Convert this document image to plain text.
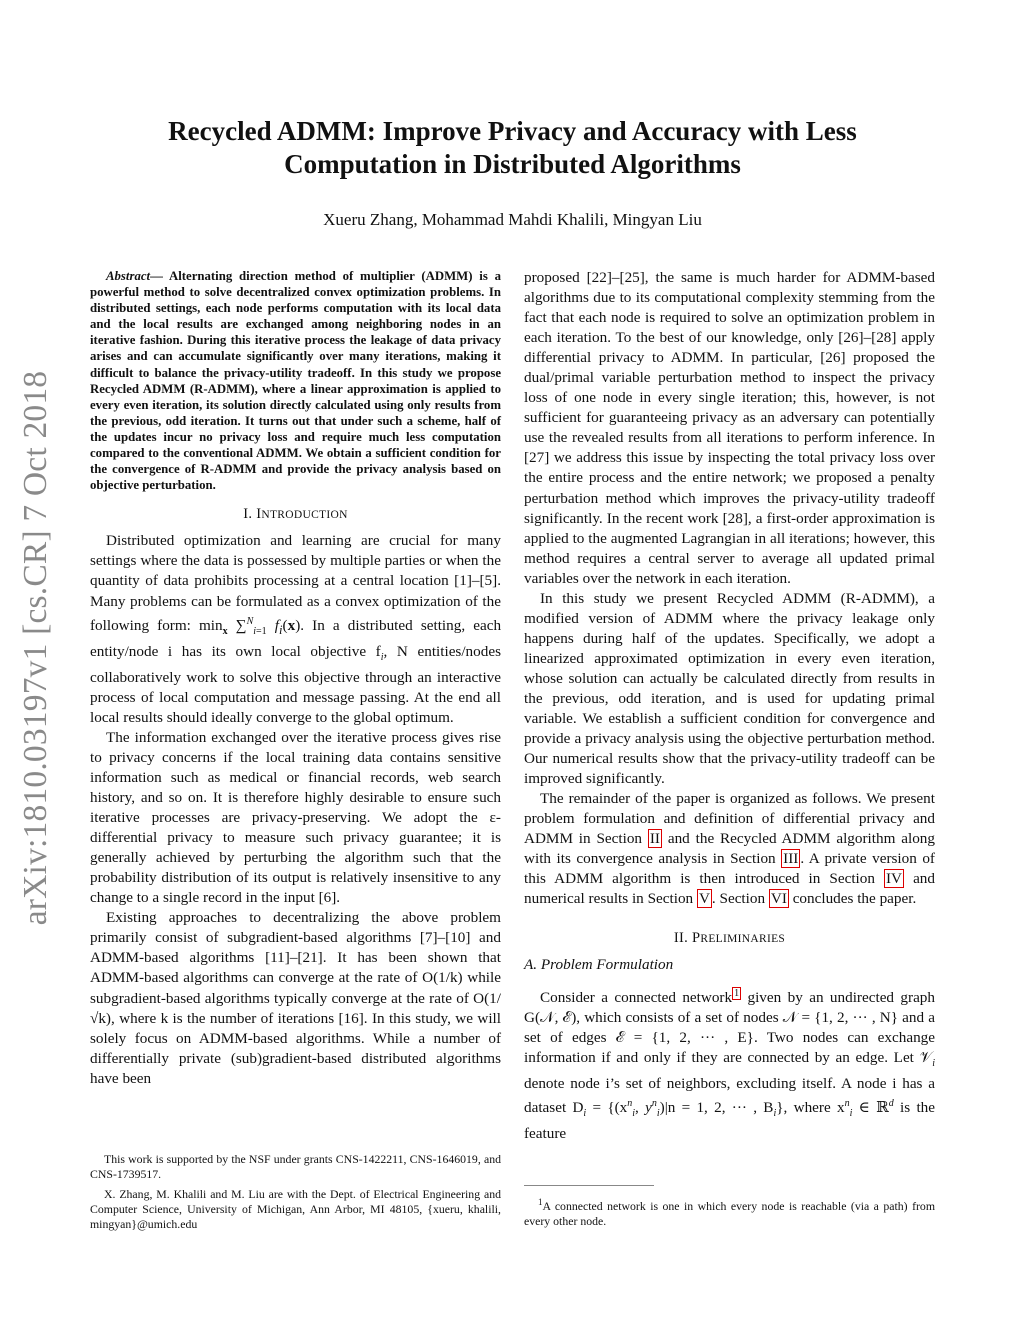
arXiv:1810.03197v1 [cs.CR] 7 Oct 2018
Recycled ADMM: Improve Privacy and Accuracy with Less Computation in Distributed Algorithms
Xueru Zhang, Mohammad Mahdi Khalili, Mingyan Liu

Abstract— Alternating direction method of multiplier (ADMM) is a powerful method to solve decentralized convex optimization problems. In distributed settings, each node performs computation with its local data and the local results are exchanged among neighboring nodes in an iterative fashion. During this iterative process the leakage of data privacy arises and can accumulate significantly over many iterations, making it difficult to balance the privacy-utility tradeoff. In this study we propose Recycled ADMM (R-ADMM), where a linear approximation is applied to every even iteration, its solution directly calculated using only results from the previous, odd iteration. It turns out that under such a scheme, half of the updates incur no privacy loss and require much less computation compared to the conventional ADMM. We obtain a sufficient condition for the convergence of R-ADMM and provide the privacy analysis based on objective perturbation.

I. INTRODUCTION

Distributed optimization and learning are crucial for many settings where the data is possessed by multiple parties or when the quantity of data prohibits processing at a central location [1]–[5]. Many problems can be formulated as a convex optimization of the following form: $\min_x \sum^N_{i=1}$ $f_i(x)$. In a distributed setting, each entity/node i has its own local objective $f_i$, N entities/nodes collaboratively work to solve this objective through an interactive process of local computation and message passing. At the end all local results should ideally converge to the global optimum.

The information exchanged over the iterative process gives rise to privacy concerns if the local training data contains sensitive information such as medical or financial records, web search history, and so on. It is therefore highly desirable to ensure such iterative processes are privacy-preserving. We adopt the ε-differential privacy to measure such privacy guarantee; it is generally achieved by perturbing the algorithm such that the probability distribution of its output is relatively insensitive to any change to a single record in the input [6].

Existing approaches to decentralizing the above problem primarily consist of subgradient-based algorithms [7]–[10] and ADMM-based algorithms [11]–[21]. It has been shown that ADMM-based algorithms can converge at the rate of O(1/k) while subgradient-based algorithms typically converge at the rate of O(1/√k), where k is the number of iterations [16]. In this study, we will solely focus on ADMM-based algorithms. While a number of differentially private (sub)gradient-based distributed algorithms have been

proposed [22]–[25], the same is much harder for ADMM-based algorithms due to its computational complexity stemming from the fact that each node is required to solve an optimization problem in each iteration. To the best of our knowledge, only [26]–[28] apply differential privacy to ADMM. In particular, [26] proposed the dual/primal variable perturbation method to inspect the privacy loss of one node in every single iteration; this, however, is not sufficient for guaranteeing privacy as an adversary can potentially use the revealed results from all iterations to perform inference. In [27] we address this issue by inspecting the total privacy loss over the entire process and the entire network; we proposed a penalty perturbation method which improves the privacy-utility tradeoff significantly. In the recent work [28], a first-order approximation is applied to the augmented Lagrangian in all iterations; however, this method requires a central server to average all updated primal variables over the network in each iteration.

In this study we present Recycled ADMM (R-ADMM), a modified version of ADMM where the privacy leakage only happens during half of the updates. Specifically, we adopt a linearized approximated optimization in every even iteration, whose solution can actually be calculated directly from results in the previous, odd iteration, and is used for updating primal variable. We establish a sufficient condition for convergence and provide a privacy analysis using the objective perturbation method. Our numerical results show that the privacy-utility tradeoff can be improved significantly.

The remainder of the paper is organized as follows. We present problem formulation and definition of differential privacy and ADMM in Section II and the Recycled ADMM algorithm along with its convergence analysis in Section III . A private version of this ADMM algorithm is then introduced in Section IV and numerical results in Section V . Section VI concludes the paper.

II. PRELIMINARIES

A. Problem Formulation

Consider a connected network $^1$ given by an undirected graph G(𝒩, ℰ), which consists of a set of nodes 𝒩 = {1, 2, ··· , N} and a set of edges ℰ = {1, 2, ··· , E}. Two nodes can exchange information if and only if they are connected by an edge. Let 𝒱$_i$ denote node i’s set of neighbors, excluding itself. A node i has a dataset $D_i = \{(x^n_i$, $y^n_i)|n = 1$, 2, ··· , $B_i$}, where $x^n_i$ ∈ ℝ$^d$ is the feature

This work is supported by the NSF under grants CNS-1422211, CNS-1646019, and CNS-1739517.

X. Zhang, M. Khalili and M. Liu are with the Dept. of Electrical Engineering and Computer Science, University of Michigan, Ann Arbor, MI 48105, {xueru, khalili, mingyan}@umich.edu

$^1$A connected network is one in which every node is reachable (via a path) from every other node.
